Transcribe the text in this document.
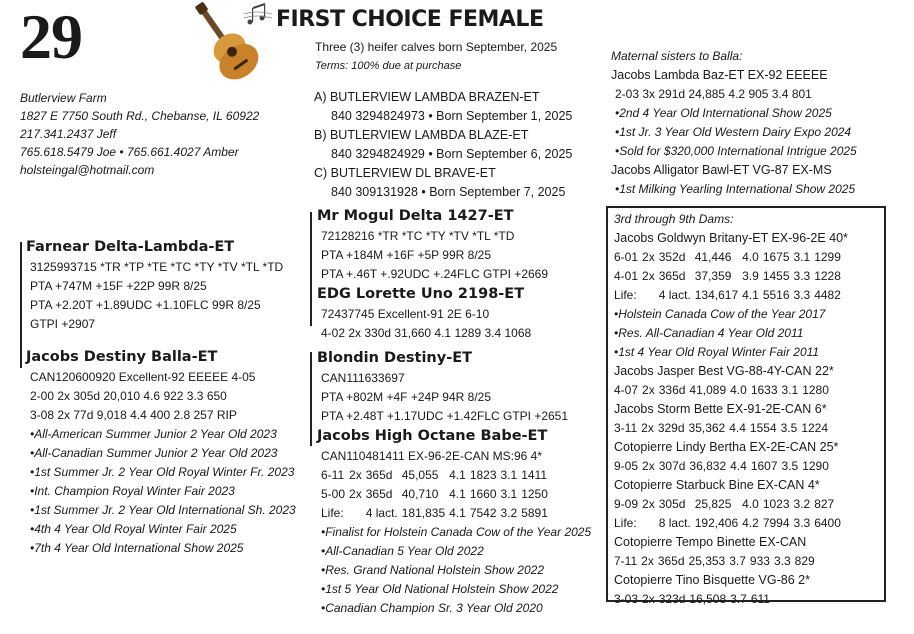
29	FIRST CHOICE FEMALE
Three (3) heifer calves born September, 2025
Terms: 100% due at purchase
Butlerview Farm
1827 E 7750 South Rd., Chebanse, IL 60922
217.341.2437 Jeff
765.618.5479 Joe • 765.661.4027 Amber
holsteingal@hotmail.com
A) BUTLERVIEW LAMBDA BRAZEN-ET
840 3294824973 • Born September 1, 2025
B) BUTLERVIEW LAMBDA BLAZE-ET
840 3294824929 • Born September 6, 2025
C) BUTLERVIEW DL BRAVE-ET
840 309131928 • Born September 7, 2025
Farnear Delta-Lambda-ET
3125993715 *TR *TP *TE *TC *TY *TV *TL *TD
PTA +747M +15F +22P 99R 8/25
PTA +2.20T +1.89UDC +1.10FLC 99R 8/25
GTPI +2907
Jacobs Destiny Balla-ET
CAN120600920 Excellent-92 EEEEE 4-05
2-00 2x 305d 20,010 4.6 922 3.3 650
3-08 2x 77d 9,018 4.4 400 2.8 257 RIP
•All-American Summer Junior 2 Year Old 2023
•All-Canadian Summer Junior 2 Year Old 2023
•1st Summer Jr. 2 Year Old Royal Winter Fr. 2023
•Int. Champion Royal Winter Fair 2023
•1st Summer Jr. 2 Year Old International Sh. 2023
•4th 4 Year Old Royal Winter Fair 2025
•7th 4 Year Old International Show 2025
Mr Mogul Delta 1427-ET
72128216 *TR *TC *TY *TV *TL *TD
PTA +184M +16F +5P 99R 8/25
PTA +.46T +.92UDC +.24FLC GTPI +2669
EDG Lorette Uno 2198-ET
72437745 Excellent-91 2E 6-10
4-02 2x 330d 31,660 4.1 1289 3.4 1068
Blondin Destiny-ET
CAN111633697
PTA +802M +4F +24P 94R 8/25
PTA +2.48T +1.17UDC +1.42FLC GTPI +2651
Jacobs High Octane Babe-ET
CAN110481411 EX-96-2E-CAN MS:96 4*
6-11	2x	365d	45,055	4.1	1823	3.1	1411
5-00	2x	365d	40,710	4.1	1660	3.1	1250
Life:		4 lact.	181,835	4.1	7542	3.2	5891
•Finalist for Holstein Canada Cow of the Year 2025
•All-Canadian 5 Year Old 2022
•Res. Grand National Holstein Show 2022
•1st 5 Year Old National Holstein Show 2022
•Canadian Champion Sr. 3 Year Old 2020
Maternal sisters to Balla:
Jacobs Lambda Baz-ET EX-92 EEEEE
2-03 3x 291d 24,885 4.2 905 3.4 801
•2nd 4 Year Old International Show 2025
•1st Jr. 3 Year Old Western Dairy Expo 2024
•Sold for $320,000 International Intrigue 2025
Jacobs Alligator Bawl-ET VG-87 EX-MS
•1st Milking Yearling International Show 2025
3rd through 9th Dams:
Jacobs Goldwyn Britany-ET EX-96-2E 40*
6-01	2x	352d	41,446	4.0	1675	3.1	1299
4-01	2x	365d	37,359	3.9	1455	3.3	1228
Life:		4 lact.	134,617	4.1	5516	3.3	4482
•Holstein Canada Cow of the Year 2017
•Res. All-Canadian 4 Year Old 2011
•1st 4 Year Old Royal Winter Fair 2011
Jacobs Jasper Best VG-88-4Y-CAN 22*
4-07	2x	336d	41,089	4.0	1633	3.1	1280
Jacobs Storm Bette EX-91-2E-CAN 6*
3-11	2x	329d	35,362	4.4	1554	3.5	1224
Cotopierre Lindy Bertha EX-2E-CAN 25*
9-05	2x	307d	36,832	4.4	1607	3.5	1290
Cotopierre Starbuck Bine EX-CAN 4*
9-09	2x	305d	25,825	4.0	1023	3.2	827
Life:		8 lact.	192,406	4.2	7994	3.3	6400
Cotopierre Tempo Binette EX-CAN
7-11	2x	365d	25,353	3.7	933	3.3	829
Cotopierre Tino Bisquette VG-86 2*
3-03	2x	323d	16,508	3.7	611		
